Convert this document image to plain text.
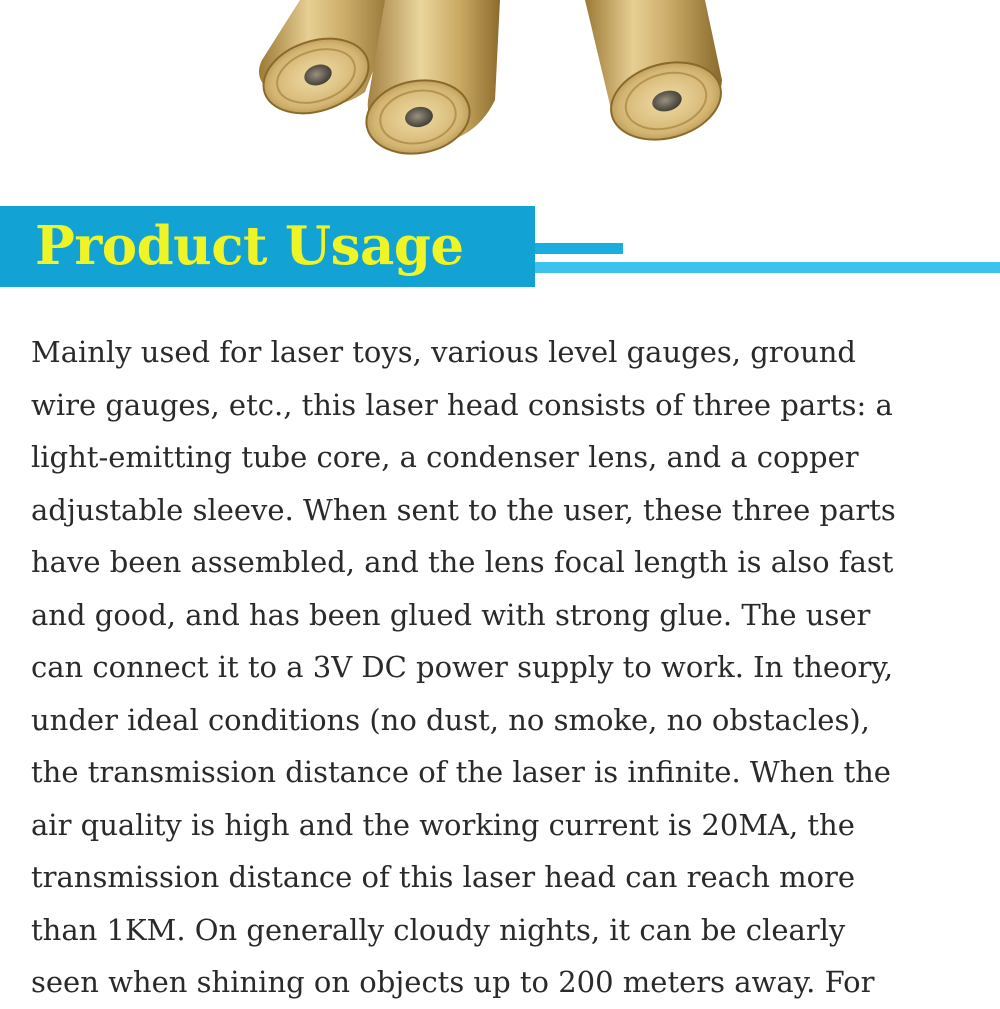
Product Usage

Mainly used for laser toys, various level gauges, ground
wire gauges, etc., this laser head consists of three parts: a
light-emitting tube core, a condenser lens, and a copper
adjustable sleeve. When sent to the user, these three parts
have been assembled, and the lens focal length is also fast
and good, and has been glued with strong glue. The user
can connect it to a 3V DC power supply to work. In theory,
under ideal conditions (no dust, no smoke, no obstacles),
the transmission distance of the laser is infinite. When the
air quality is high and the working current is 20MA, the
transmission distance of this laser head can reach more
than 1KM. On generally cloudy nights, it can be clearly
seen when shining on objects up to 200 meters away. For
